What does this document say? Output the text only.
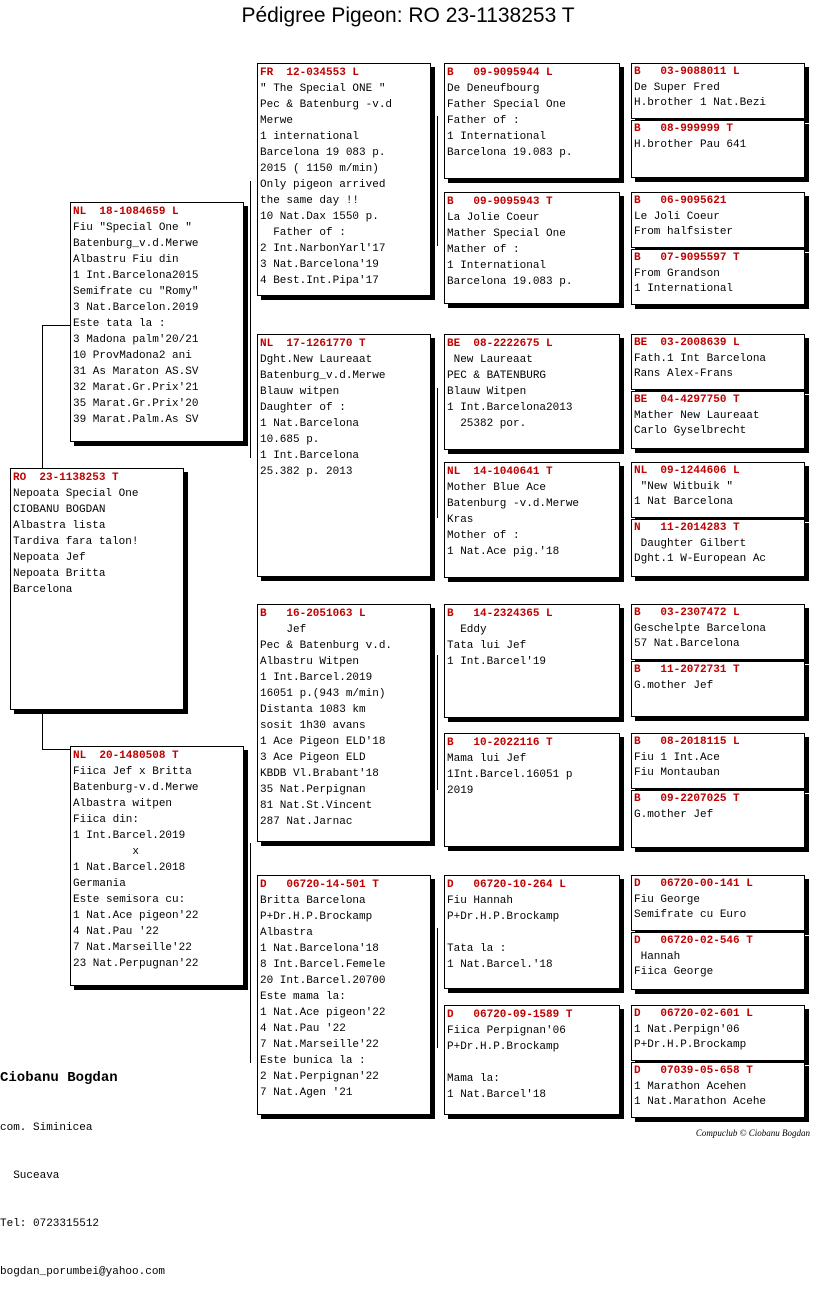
Pédigree Pigeon: RO 23-1138253 T
RO  23-1138253 T
Nepoata Special One
CIOBANU BOGDAN
Albastra lista
Tardiva fara talon!
Nepoata Jef
Nepoata Britta
Barcelona
NL  18-1084659 L
Fiu "Special One "
Batenburg_v.d.Merwe
Albastru Fiu din
1 Int.Barcelona2015
Semifrate cu "Romy"
3 Nat.Barcelon.2019
Este tata la :
3 Madona palm'20/21
10 ProvMadona2 ani
31 As Maraton AS.SV
32 Marat.Gr.Prix'21
35 Marat.Gr.Prix'20
39 Marat.Palm.As SV
NL  20-1480508 T
Fiica Jef x Britta
Batenburg-v.d.Merwe
Albastra witpen
Fiica din:
1 Int.Barcel.2019
x
1 Nat.Barcel.2018
Germania
Este semisora cu:
1 Nat.Ace pigeon'22
4 Nat.Pau '22
7 Nat.Marseille'22
23 Nat.Perpugnan'22
FR  12-034553 L
" The Special ONE "
Pec & Batenburg -v.d
Merwe
1 international
Barcelona 19 083 p.
2015 ( 1150 m/min)
Only pigeon arrived
the same day !!
10 Nat.Dax 1550 p.
Father of :
2 Int.NarbonYarl'17
3 Nat.Barcelona'19
4 Best.Int.Pipa'17
NL  17-1261770 T
Dght.New Laureaat
Batenburg_v.d.Merwe
Blauw witpen
Daughter of :
1 Nat.Barcelona
10.685 p.
1 Int.Barcelona
25.382 p. 2013
B   16-2051063 L
Jef
Pec & Batenburg v.d.
Albastru Witpen
1 Int.Barcel.2019
16051 p.(943 m/min)
Distanta 1083 km
sosit 1h30 avans
1 Ace Pigeon ELD'18
3 Ace Pigeon ELD
KBDB Vl.Brabant'18
35 Nat.Perpignan
81 Nat.St.Vincent
287 Nat.Jarnac
D   06720-14-501 T
Britta Barcelona
P+Dr.H.P.Brockamp
Albastra
1 Nat.Barcelona'18
8 Int.Barcel.Femele
20 Int.Barcel.20700
Este mama la:
1 Nat.Ace pigeon'22
4 Nat.Pau '22
7 Nat.Marseille'22
Este bunica la :
2 Nat.Perpignan'22
7 Nat.Agen '21
B   09-9095944 L
De Deneufbourg
Father Special One
Father of :
1 International
Barcelona 19.083 p.
B   09-9095943 T
La Jolie Coeur
Mather Special One
Mather of :
1 International
Barcelona 19.083 p.
BE  08-2222675 L
New Laureaat
PEC & BATENBURG
Blauw Witpen
1 Int.Barcelona2013
25382 por.
NL  14-1040641 T
Mother Blue Ace
Batenburg -v.d.Merwe
Kras
Mother of :
1 Nat.Ace pig.'18
B   14-2324365 L
Eddy
Tata lui Jef
1 Int.Barcel'19
B   10-2022116 T
Mama lui Jef
1Int.Barcel.16051 p
2019
D   06720-10-264 L
Fiu Hannah
P+Dr.H.P.Brockamp

Tata la :
1 Nat.Barcel.'18
D   06720-09-1589 T
Fiica Perpignan'06
P+Dr.H.P.Brockamp

Mama la:
1 Nat.Barcel'18
B   03-9088011 L
De Super Fred
H.brother 1 Nat.Bezi
B   08-999999 T
H.brother Pau 641
B   06-9095621
Le Joli Coeur
From halfsister
B   07-9095597 T
From Grandson
1 International
BE  03-2008639 L
Fath.1 Int Barcelona
Rans Alex-Frans
BE  04-4297750 T
Mather New Laureaat
Carlo Gyselbrecht
NL  09-1244606 L
"New Witbuik "
1 Nat Barcelona
N   11-2014283 T
Daughter Gilbert
Dght.1 W-European Ac
B   03-2307472 L
Geschelpte Barcelona
57 Nat.Barcelona
B   11-2072731 T
G.mother Jef
B   08-2018115 L
Fiu 1 Int.Ace
Fiu Montauban
B   09-2207025 T
G.mother Jef
D   06720-00-141 L
Fiu George
Semifrate cu Euro
D   06720-02-546 T
Hannah
Fiica George
D   06720-02-601 L
1 Nat.Perpign'06
P+Dr.H.P.Brockamp
D   07039-05-658 T
1 Marathon Acehen
1 Nat.Marathon Acehe

Ciobanu Bogdan

com. Siminicea

Suceava

Tel: 0723315512

bogdan_porumbei@yahoo.com

Compuclub © Ciobanu Bogdan
